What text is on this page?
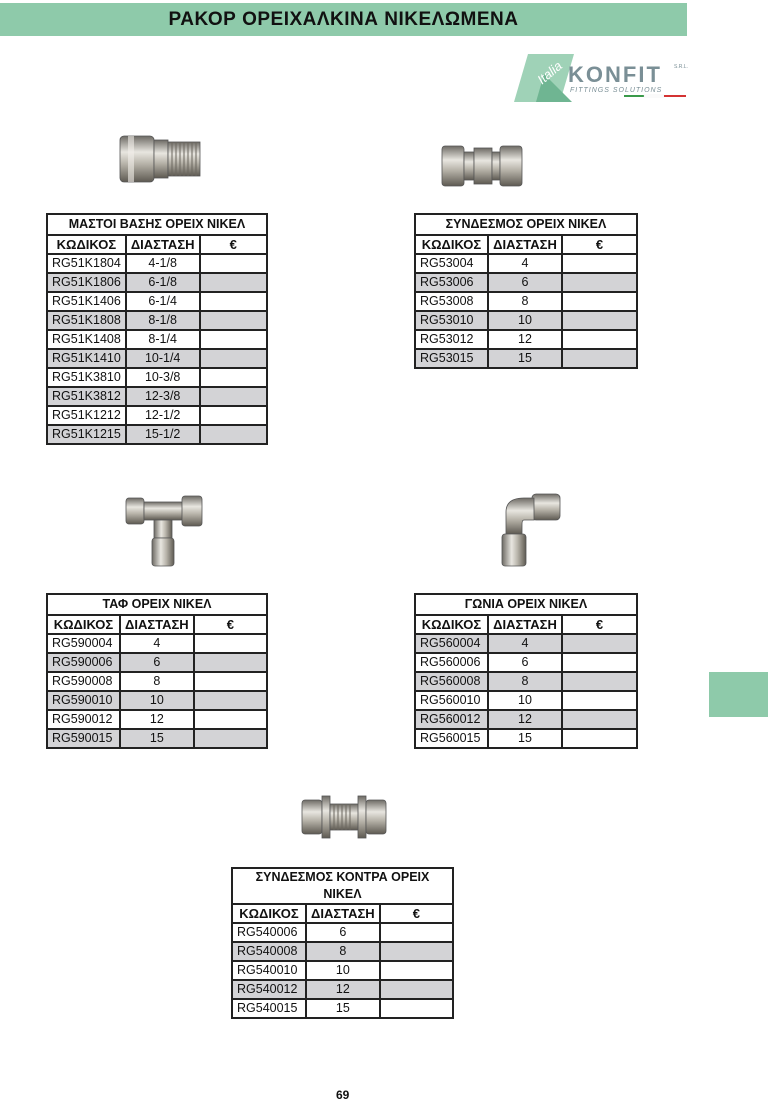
ΡΑΚΟΡ ΟΡΕΙΧΑΛΚΙΝΑ ΝΙΚΕΛΩΜΕΝΑ
Italia KONFIT S.R.L.
FITTINGS SOLUTIONS
ΜΑΣΤΟΙ ΒΑΣΗΣ ΟΡΕΙΧ ΝΙΚΕΛ		
ΚΩΔΙΚΟΣ	ΔΙΑΣΤΑΣΗ	€
RG51K1804	4-1/8	
RG51K1806	6-1/8	
RG51K1406	6-1/4	
RG51K1808	8-1/8	
RG51K1408	8-1/4	
RG51K1410	10-1/4	
RG51K3810	10-3/8	
RG51K3812	12-3/8	
RG51K1212	12-1/2	
RG51K1215	15-1/2	
ΣΥΝΔΕΣΜΟΣ ΟΡΕΙΧ ΝΙΚΕΛ		
ΚΩΔΙΚΟΣ	ΔΙΑΣΤΑΣΗ	€
RG53004	4	
RG53006	6	
RG53008	8	
RG53010	10	
RG53012	12	
RG53015	15	
ΤΑΦ ΟΡΕΙΧ ΝΙΚΕΛ		
ΚΩΔΙΚΟΣ	ΔΙΑΣΤΑΣΗ	€
RG590004	4	
RG590006	6	
RG590008	8	
RG590010	10	
RG590012	12	
RG590015	15	
ΓΩΝΙΑ ΟΡΕΙΧ ΝΙΚΕΛ		
ΚΩΔΙΚΟΣ	ΔΙΑΣΤΑΣΗ	€
RG560004	4	
RG560006	6	
RG560008	8	
RG560010	10	
RG560012	12	
RG560015	15	
ΣΥΝΔΕΣΜΟΣ ΚΟΝΤΡΑ ΟΡΕΙΧ ΝΙΚΕΛ		
ΚΩΔΙΚΟΣ	ΔΙΑΣΤΑΣΗ	€
RG540006	6	
RG540008	8	
RG540010	10	
RG540012	12	
RG540015	15	
69
